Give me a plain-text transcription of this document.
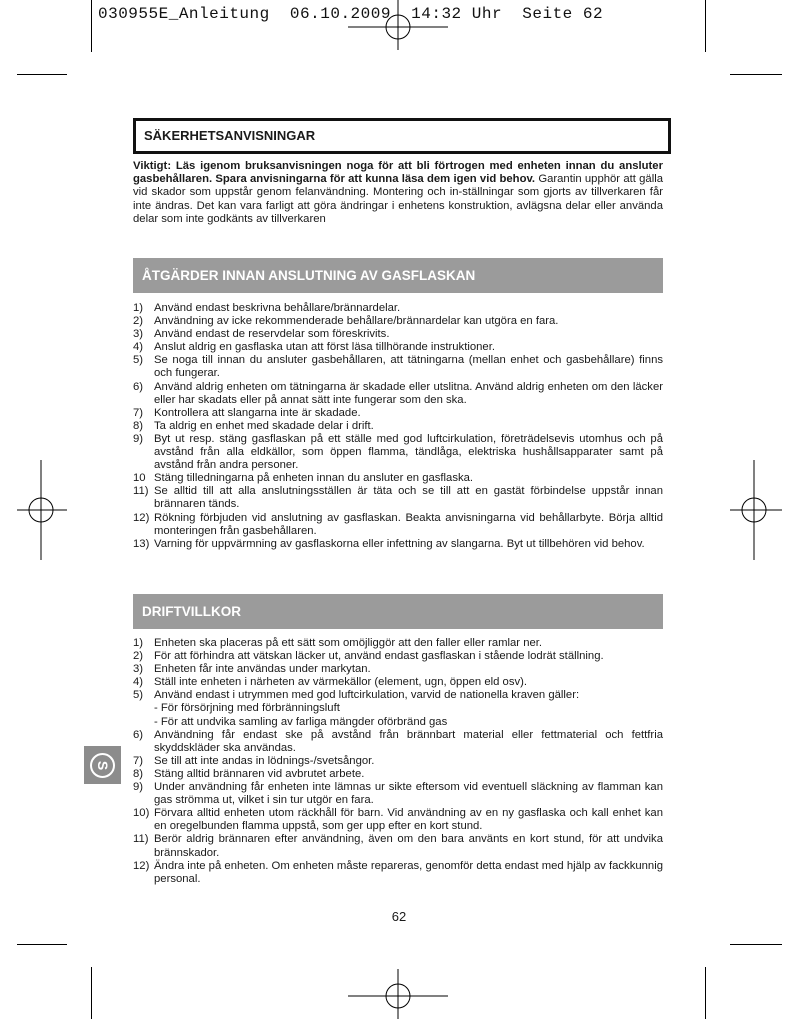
030955E_Anleitung  06.10.2009  14:32 Uhr  Seite 62
SÄKERHETSANVISNINGAR
Viktigt: Läs igenom bruksanvisningen noga för att bli förtrogen med enheten innan du ansluter gasbehållaren. Spara anvisningarna för att kunna läsa dem igen vid behov. Garantin upphör att gälla vid skador som uppstår genom felanvändning. Montering och in-ställningar som gjorts av tillverkaren får inte ändras. Det kan vara farligt att göra ändringar i enhetens konstruktion, avlägsna delar eller använda delar som inte godkänts av tillverkaren
ÅTGÄRDER INNAN ANSLUTNING AV GASFLASKAN
1) Använd endast beskrivna behållare/brännardelar.
2) Användning av icke rekommenderade behållare/brännardelar kan utgöra en fara.
3) Använd endast de reservdelar som föreskrivits.
4) Anslut aldrig en gasflaska utan att först läsa tillhörande instruktioner.
5) Se noga till innan du ansluter gasbehållaren, att tätningarna (mellan enhet och gasbehållare) finns och fungerar.
6) Använd aldrig enheten om tätningarna är skadade eller utslitna. Använd aldrig enheten om den läcker eller har skadats eller på annat sätt inte fungerar som den ska.
7) Kontrollera att slangarna inte är skadade.
8) Ta aldrig en enhet med skadade delar i drift.
9) Byt ut resp. stäng gasflaskan på ett ställe med god luftcirkulation, företrädelsevis utomhus och på avstånd från alla eldkällor, som öppen flamma, tändlåga, elektriska hushållsapparater samt på avstånd från andra personer.
10 Stäng tilledningarna på enheten innan du ansluter en gasflaska.
11) Se alltid till att alla anslutningsställen är täta och se till att en gastät förbindelse uppstår innan brännaren tänds.
12) Rökning förbjuden vid anslutning av gasflaskan. Beakta anvisningarna vid behållarbyte. Börja alltid monteringen från gasbehållaren.
13) Varning för uppvärmning av gasflaskorna eller infettning av slangarna. Byt ut tillbehören vid behov.
DRIFTVILLKOR
1) Enheten ska placeras på ett sätt som omöjliggör att den faller eller ramlar ner.
2) För att förhindra att vätskan läcker ut, använd endast gasflaskan i stående lodrät ställning.
3) Enheten får inte användas under markytan.
4) Ställ inte enheten i närheten av värmekällor (element, ugn, öppen eld osv).
5) Använd endast i utrymmen med god luftcirkulation, varvid de nationella kraven gäller:
- För försörjning med förbränningsluft
- För att undvika samling av farliga mängder oförbränd gas
6) Användning får endast ske på avstånd från brännbart material eller fettmaterial och fettfria skyddskläder ska användas.
7) Se till att inte andas in lödnings-/svetsångor.
8) Stäng alltid brännaren vid avbrutet arbete.
9) Under användning får enheten inte lämnas ur sikte eftersom vid eventuell släckning av flamman kan gas strömma ut, vilket i sin tur utgör en fara.
10) Förvara alltid enheten utom räckhåll för barn. Vid användning av en ny gasflaska och kall enhet kan en oregelbunden flamma uppstå, som ger upp efter en kort stund.
11) Berör aldrig brännaren efter användning, även om den bara använts en kort stund, för att undvika brännskador.
12) Ändra inte på enheten. Om enheten måste repareras, genomför detta endast med hjälp av fackkunnig personal.
S
62
